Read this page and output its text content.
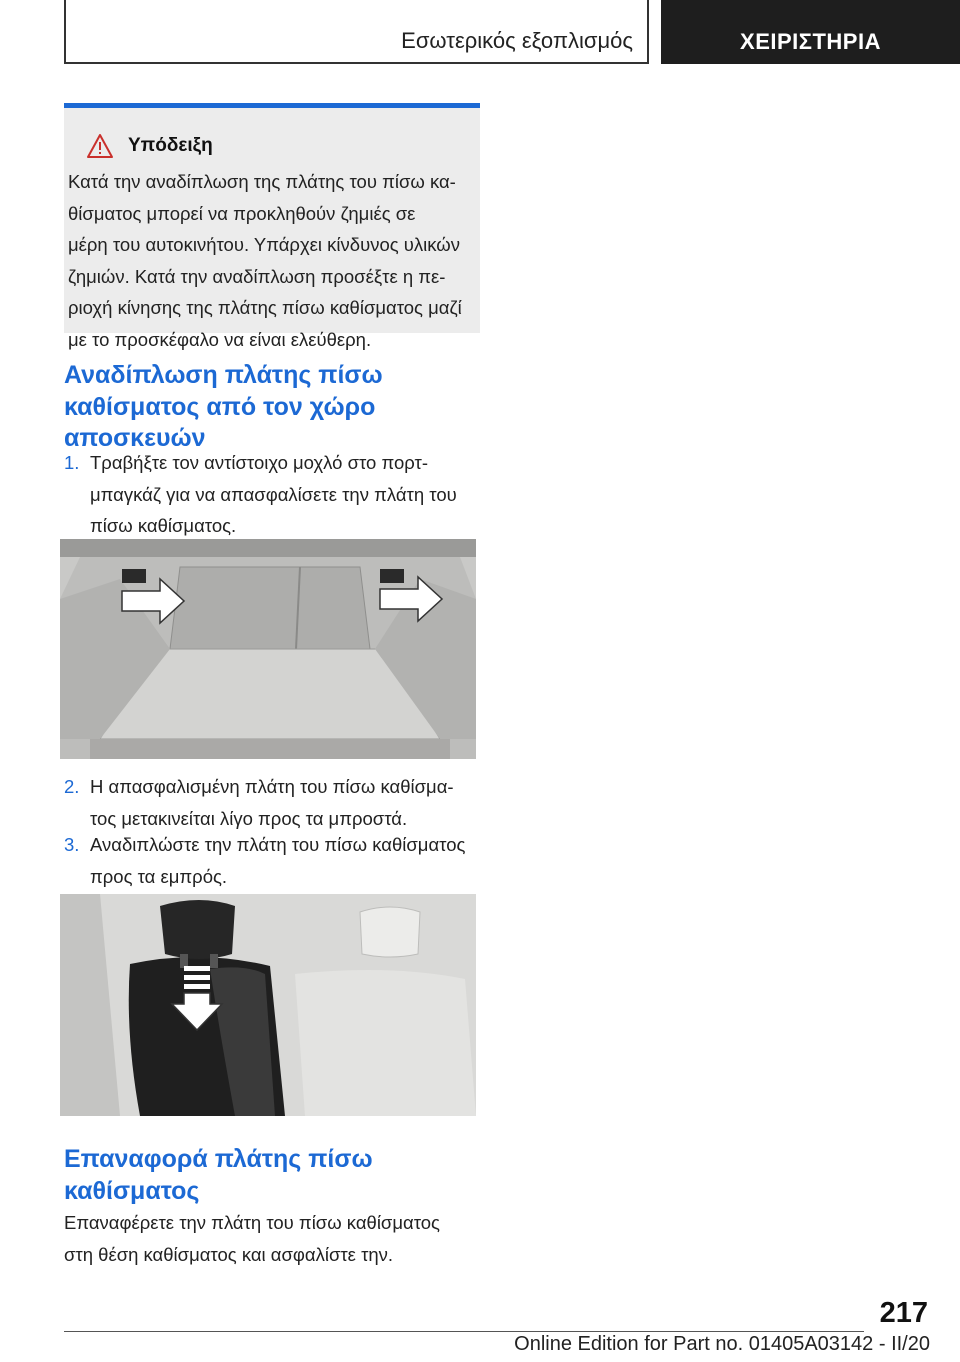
Εσωτερικός εξοπλισμός	ΧΕΙΡΙΣΤΗΡΙΑ
Υπόδειξη
Κατά την αναδίπλωση της πλάτης του πίσω κα-
θίσματος μπορεί να προκληθούν ζημιές σε
μέρη του αυτοκινήτου. Υπάρχει κίνδυνος υλικών
ζημιών. Κατά την αναδίπλωση προσέξτε η πε-
ριοχή κίνησης της πλάτης πίσω καθίσματος μαζί
με το προσκέφαλο να είναι ελεύθερη.
Αναδίπλωση πλάτης πίσω
καθίσματος από τον χώρο
αποσκευών
1. Τραβήξτε τον αντίστοιχο μοχλό στο πορτ-
μπαγκάζ για να απασφαλίσετε την πλάτη του
πίσω καθίσματος.
2. Η απασφαλισμένη πλάτη του πίσω καθίσμα-
τος μετακινείται λίγο προς τα μπροστά.
3. Αναδιπλώστε την πλάτη του πίσω καθίσματος
προς τα εμπρός.
Επαναφορά πλάτης πίσω
καθίσματος
Επαναφέρετε την πλάτη του πίσω καθίσματος
στη θέση καθίσματος και ασφαλίστε την.
217
Online Edition for Part no. 01405A03142 - II/20
